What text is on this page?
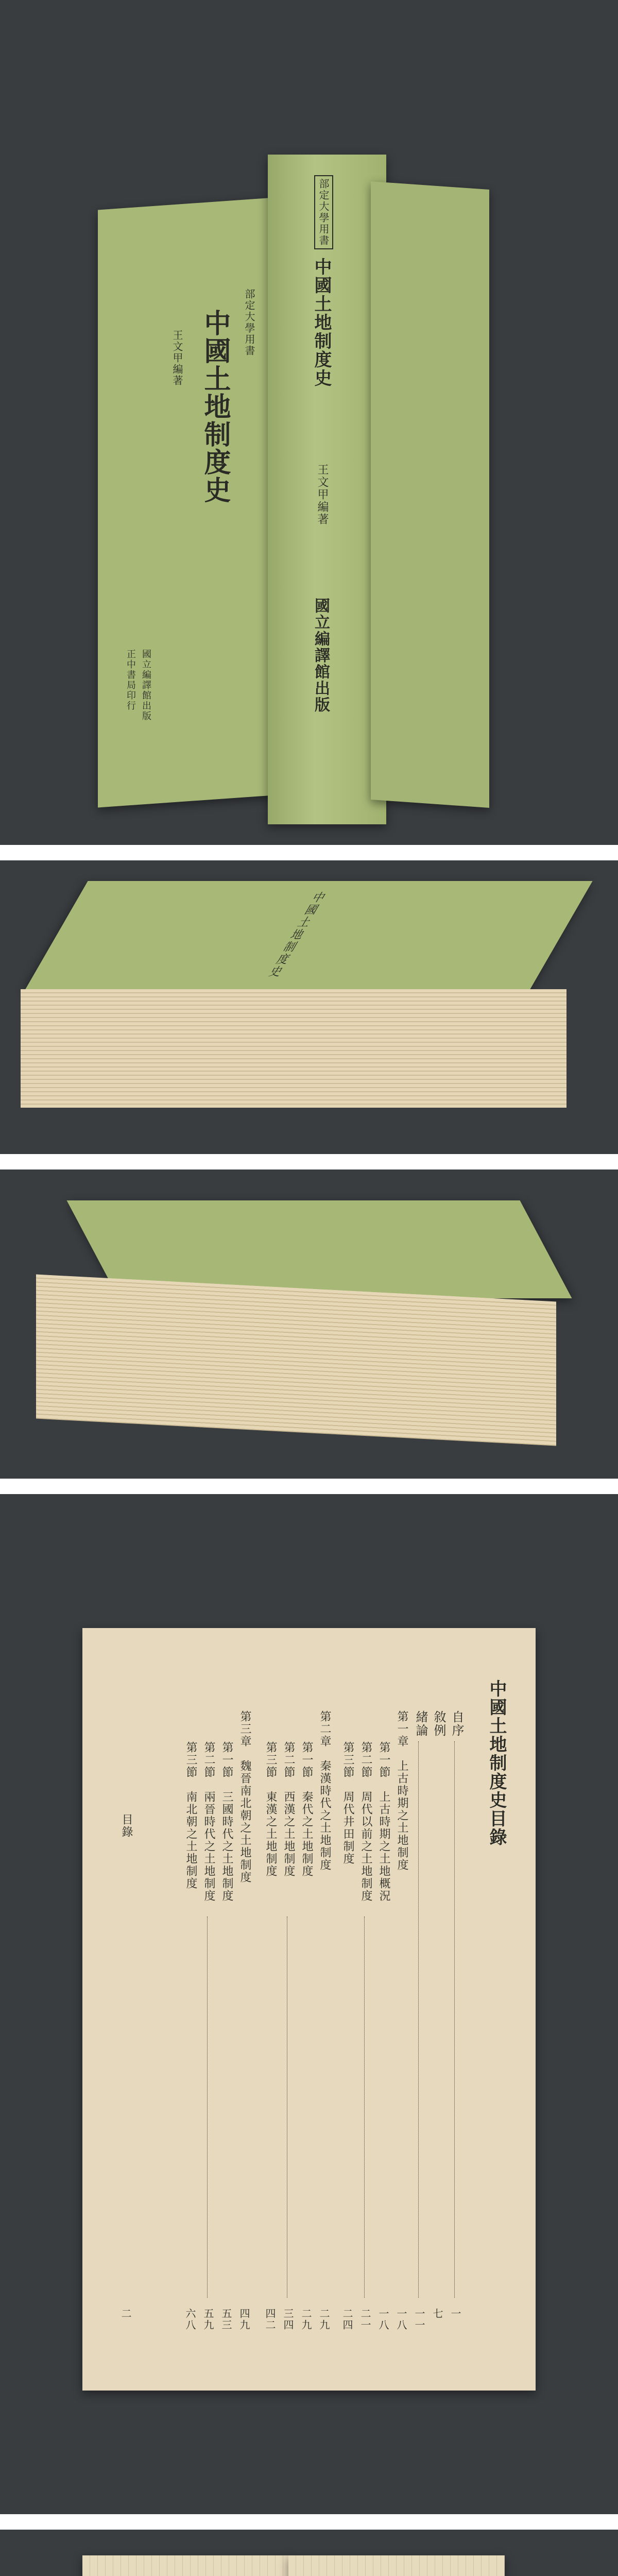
部定大學用書
中國土地制度史
王文甲編著
國立編譯館出版
正中書局印行
部定大學用書
中國土地制度史
王文甲編著
國立編譯館出版
中國土地制度史
中國土地制度史目錄
自序
敘例
緒論
第一章　上古時期之土地制度
第一節　上古時期之土地概況
第二節　周代以前之土地制度
第三節　周代井田制度
第二章　秦漢時代之土地制度
第一節　秦代之土地制度
第二節　西漢之土地制度
第三節　東漢之土地制度
第三章　魏晉南北朝之土地制度
第一節　三國時代之土地制度
第二節　兩晉時代之土地制度
第三節　南北朝之土地制度
目錄
一
七
一一
一八
一八
二一
二四
二九
二九
三四
四二
四九
五三
五九
六八
二
